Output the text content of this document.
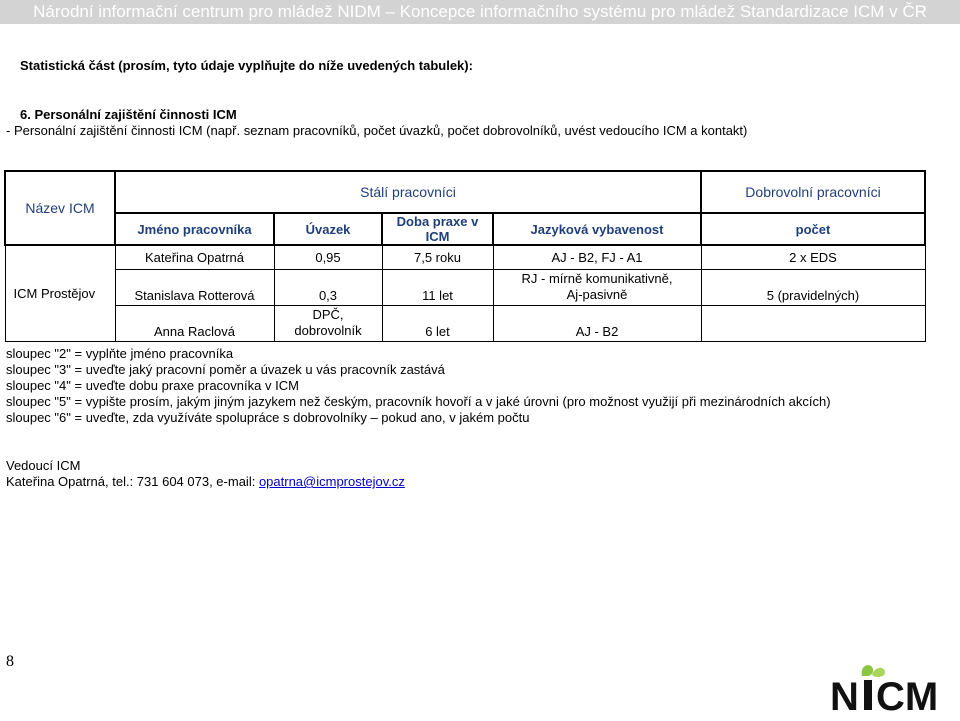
Národní informační centrum pro mládež NIDM – Koncepce informačního systému pro mládež Standardizace ICM v ČR
Statistická část (prosím, tyto údaje vyplňujte do níže uvedených tabulek):
6. Personální zajištění činnosti ICM
- Personální zajištění činnosti ICM (např. seznam pracovníků, počet úvazků, počet dobrovolníků, uvést vedoucího ICM a kontakt)
Název ICM	Stálí pracovníci				Dobrovolní pracovníci
	Jméno pracovníka	Úvazek	Doba praxe v ICM	Jazyková vybavenost	počet
ICM Prostějov	Kateřina Opatrná	0,95	7,5 roku	AJ - B2, FJ - A1	2 x EDS
	Stanislava Rotterová	0,3	11 let	RJ - mírně komunikativně, Aj-pasivně	5 (pravidelných)
	Anna Raclová	DPČ, dobrovolník	6 let	AJ - B2	
sloupec "2" = vyplňte jméno pracovníka
sloupec "3" = uveďte jaký pracovní poměr a úvazek u vás pracovník zastává
sloupec "4" = uveďte dobu praxe pracovníka v ICM
sloupec "5" = vypište prosím, jakým jiným jazykem než českým, pracovník hovoří a v jaké úrovni (pro možnost využijí při mezinárodních akcích)
sloupec "6" = uveďte, zda využíváte spolupráce s dobrovolníky – pokud ano, v jakém počtu
Vedoucí ICM
Kateřina Opatrná, tel.: 731 604 073, e-mail: opatrna@icmprostejov.cz
8
N CM
